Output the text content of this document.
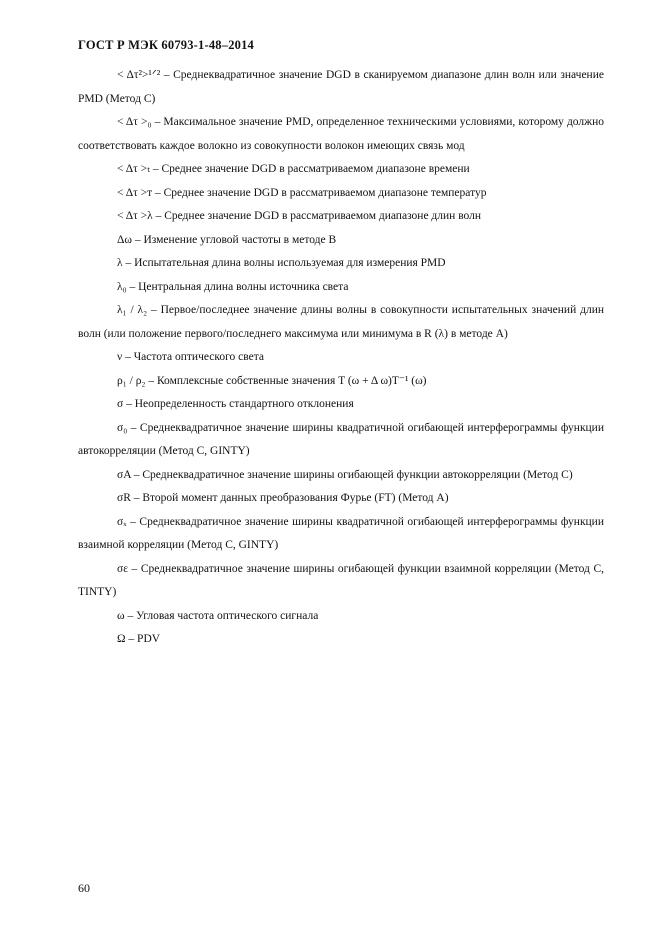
ГОСТ Р МЭК 60793-1-48–2014

< Δτ²>¹ᐟ² – Среднеквадратичное значение DGD в сканируемом диапазоне длин волн или значение PMD (Метод С)

< Δτ >₀ – Максимальное значение PMD, определенное техническими условиями, которому должно соответствовать каждое волокно из совокупности волокон имеющих связь мод

< Δτ >ₜ – Среднее значение DGD в рассматриваемом диапазоне времени

< Δτ >ᴛ – Среднее значение DGD в рассматриваемом диапазоне температур

< Δτ >λ – Среднее значение DGD в рассматриваемом диапазоне длин волн

Δω – Изменение угловой частоты в методе В

λ – Испытательная длина волны используемая для измерения PMD

λ₀ – Центральная длина волны источника света

λ₁ / λ₂ – Первое/последнее значение длины волны в совокупности испытательных значений длин волн (или положение первого/последнего максимума или минимума в R (λ) в методе А)

ν – Частота оптического света

ρ₁ / ρ₂ – Комплексные собственные значения T (ω + Δ ω)T⁻¹ (ω)

σ – Неопределенность стандартного отклонения

σ₀ – Среднеквадратичное значение ширины квадратичной огибающей интерферограммы функции автокорреляции (Метод С, GINTY)

σA – Среднеквадратичное значение ширины огибающей функции автокорреляции (Метод С)

σR – Второй момент данных преобразования Фурье (FT) (Метод А)

σₓ – Среднеквадратичное значение ширины квадратичной огибающей интерферограммы функции взаимной корреляции (Метод С, GINTY)

σε – Среднеквадратичное значение ширины огибающей функции взаимной корреляции (Метод С, TINTY)

ω – Угловая частота оптического сигнала

Ω – PDV

60
